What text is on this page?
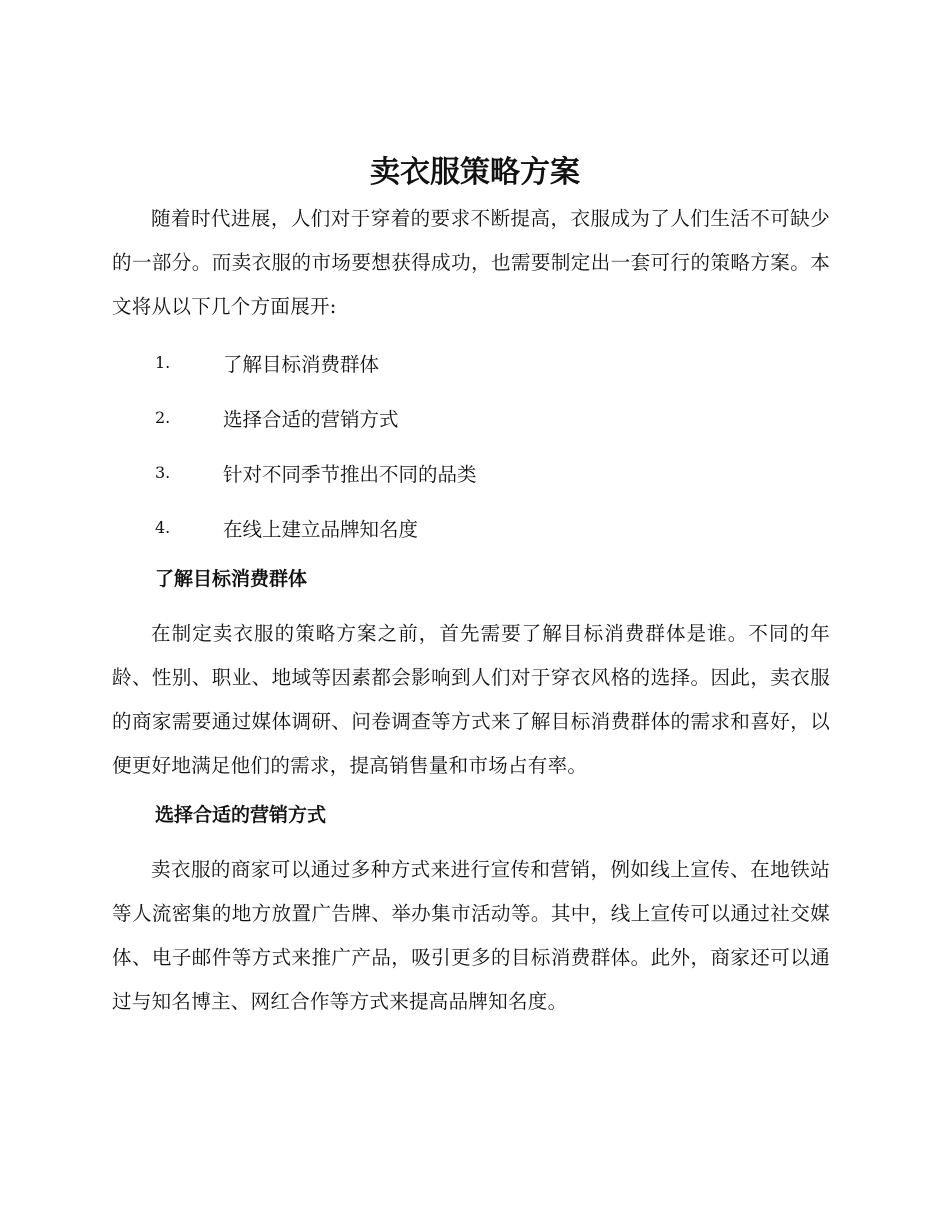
卖衣服策略方案

随着时代进展，人们对于穿着的要求不断提高，衣服成为了人们生活不可缺少的一部分。而卖衣服的市场要想获得成功，也需要制定出一套可行的策略方案。本文将从以下几个方面展开:

1.	了解目标消费群体
2.	选择合适的营销方式
3.	针对不同季节推出不同的品类
4.	在线上建立品牌知名度
了解目标消费群体

在制定卖衣服的策略方案之前，首先需要了解目标消费群体是谁。不同的年龄、性别、职业、地域等因素都会影响到人们对于穿衣风格的选择。因此，卖衣服的商家需要通过媒体调研、问卷调查等方式来了解目标消费群体的需求和喜好，以便更好地满足他们的需求，提高销售量和市场占有率。

选择合适的营销方式

卖衣服的商家可以通过多种方式来进行宣传和营销，例如线上宣传、在地铁站等人流密集的地方放置广告牌、举办集市活动等。其中，线上宣传可以通过社交媒体、电子邮件等方式来推广产品，吸引更多的目标消费群体。此外，商家还可以通过与知名博主、网红合作等方式来提高品牌知名度。
